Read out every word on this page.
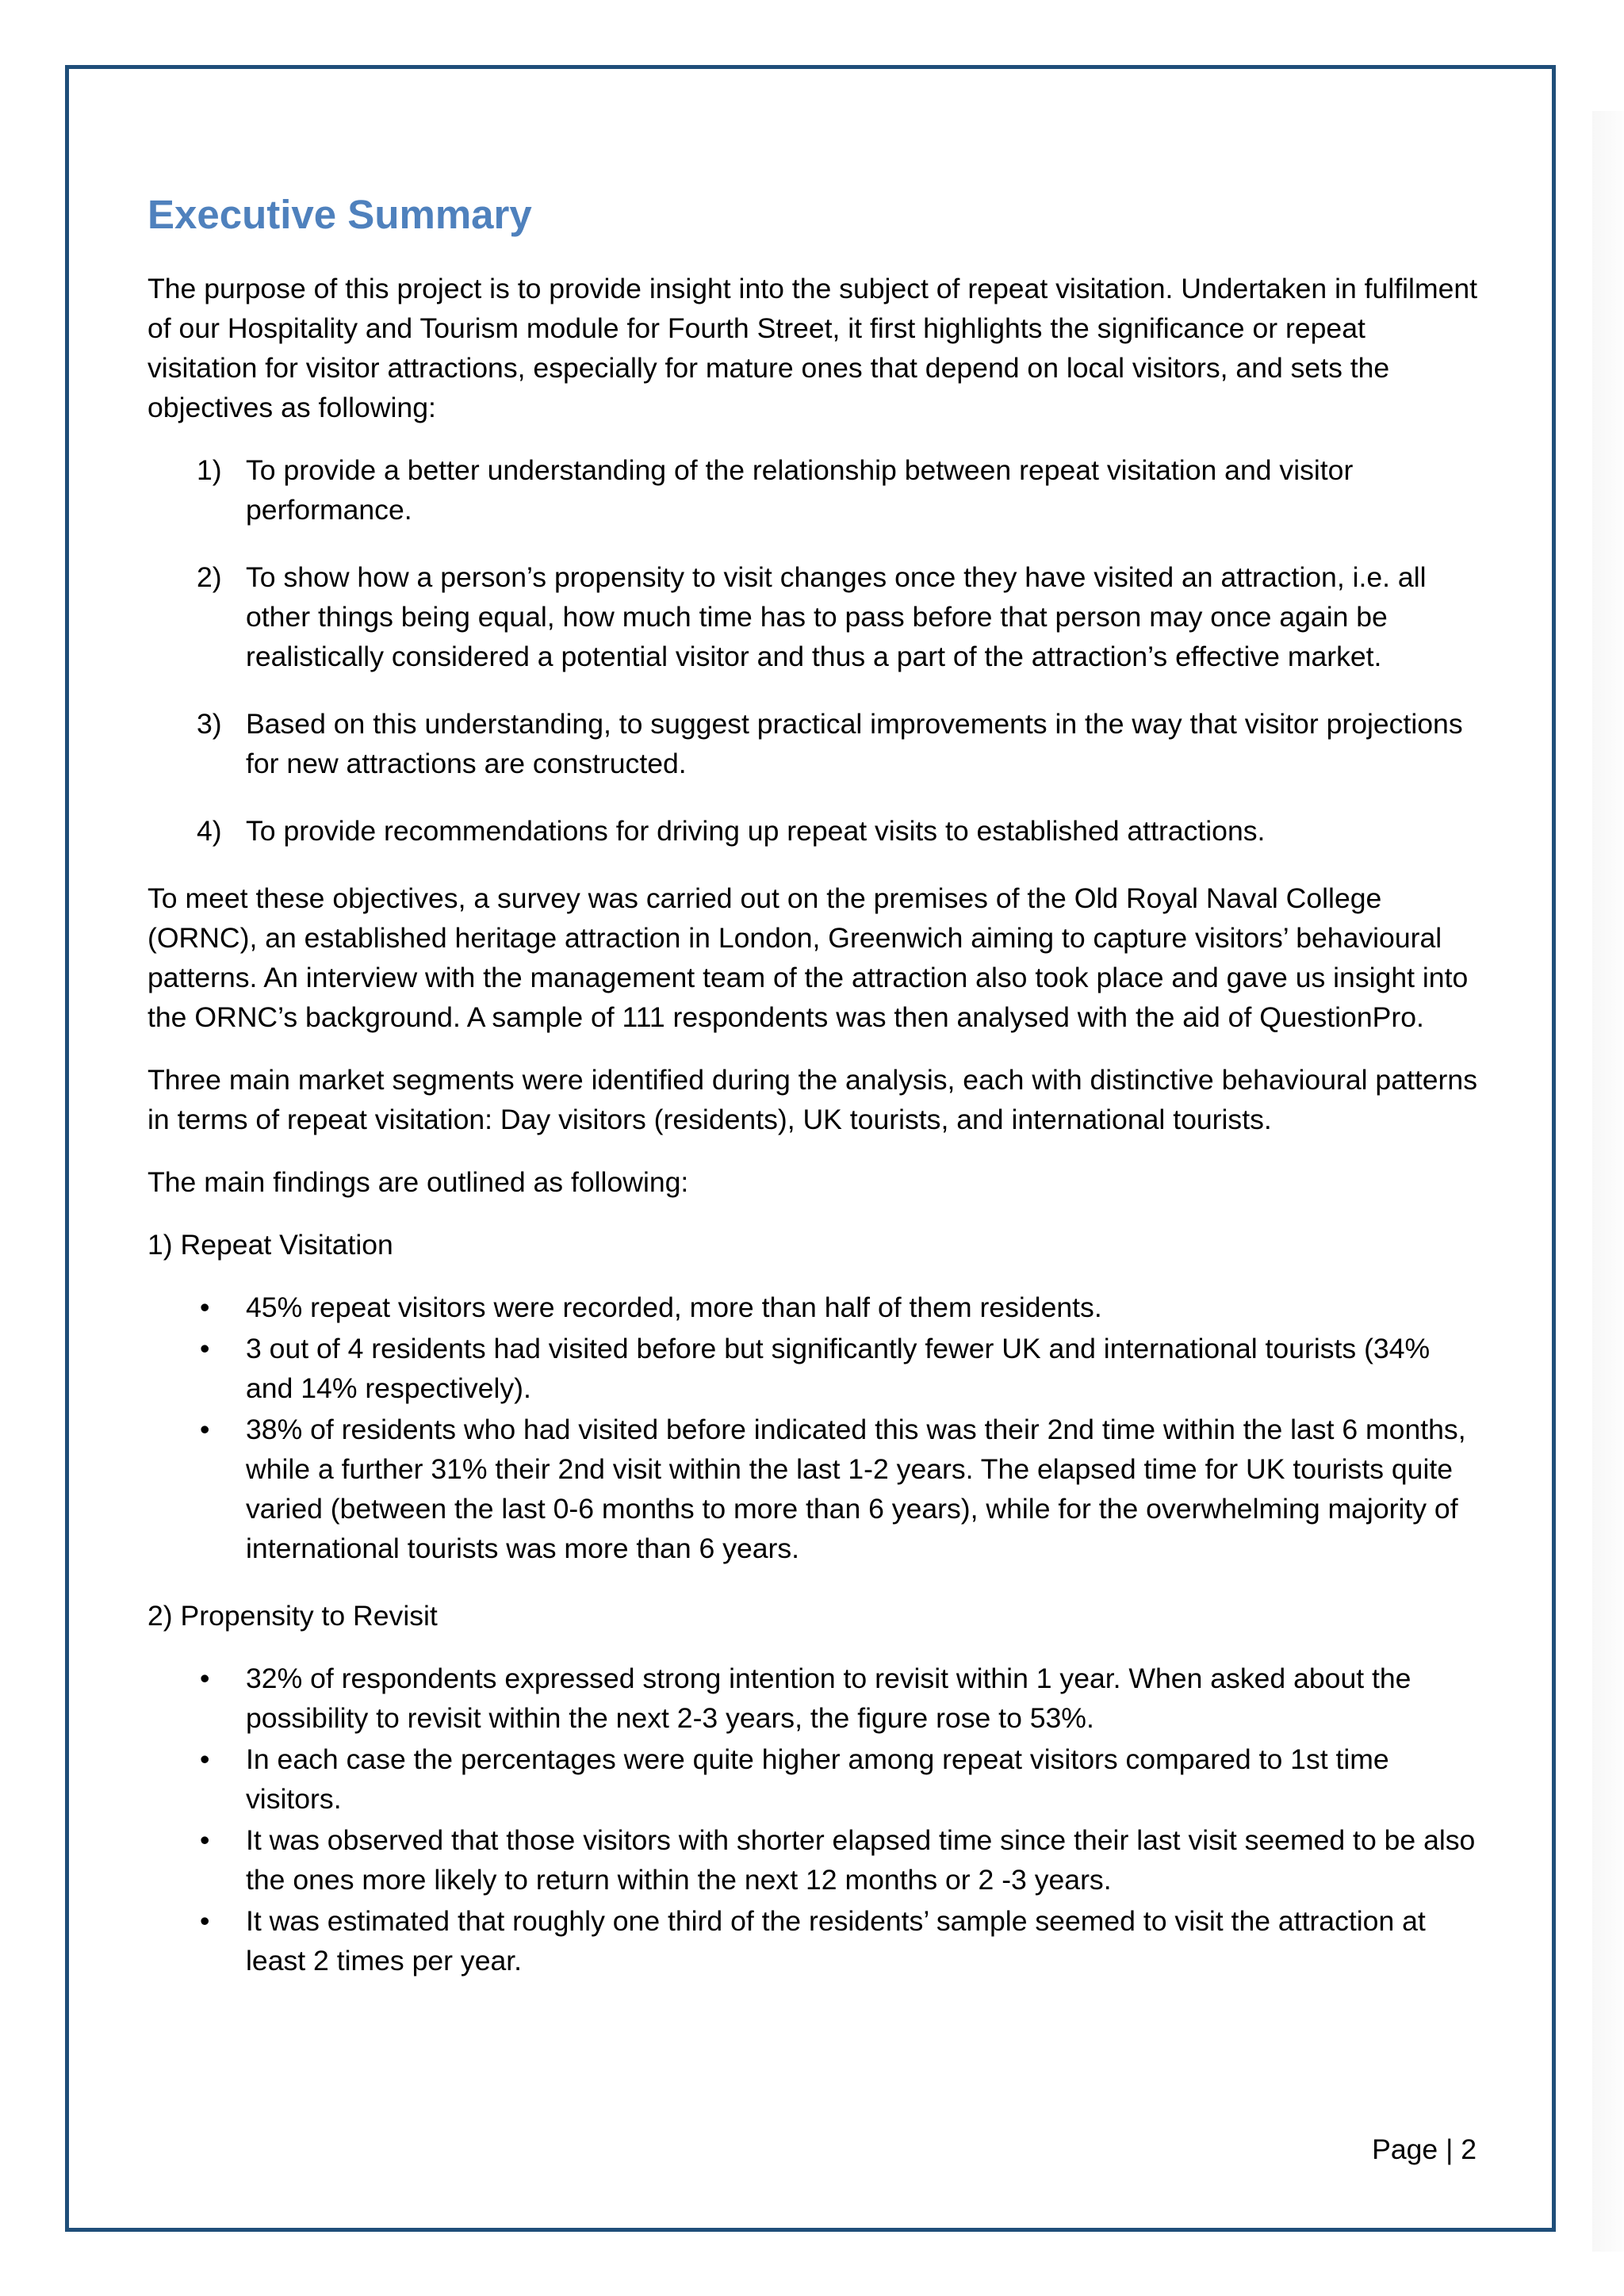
Executive Summary

The purpose of this project is to provide insight into the subject of repeat visitation. Undertaken in fulfilment of our Hospitality and Tourism module for Fourth Street, it first highlights the significance or repeat visitation for visitor attractions, especially for mature ones that depend on local visitors, and sets the objectives as following:

1) To provide a better understanding of the relationship between repeat visitation and visitor performance.
2) To show how a person’s propensity to visit changes once they have visited an attraction, i.e. all other things being equal, how much time has to pass before that person may once again be realistically considered a potential visitor and thus a part of the attraction’s effective market.
3) Based on this understanding, to suggest practical improvements in the way that visitor projections for new attractions are constructed.
4) To provide recommendations for driving up repeat visits to established attractions.

To meet these objectives, a survey was carried out on the premises of the Old Royal Naval College (ORNC), an established heritage attraction in London, Greenwich aiming to capture visitors’ behavioural patterns. An interview with the management team of the attraction also took place and gave us insight into the ORNC’s background. A sample of 111 respondents was then analysed with the aid of QuestionPro.

Three main market segments were identified during the analysis, each with distinctive behavioural patterns in terms of repeat visitation: Day visitors (residents), UK tourists, and international tourists.

The main findings are outlined as following:

1) Repeat Visitation

• 45% repeat visitors were recorded, more than half of them residents.
• 3 out of 4 residents had visited before but significantly fewer UK and international tourists (34% and 14% respectively).
• 38% of residents who had visited before indicated this was their 2nd time within the last 6 months, while a further 31% their 2nd visit within the last 1-2 years. The elapsed time for UK tourists quite varied (between the last 0-6 months to more than 6 years), while for the overwhelming majority of international tourists was more than 6 years.

2) Propensity to Revisit

• 32% of respondents expressed strong intention to revisit within 1 year. When asked about the possibility to revisit within the next 2-3 years, the figure rose to 53%.
• In each case the percentages were quite higher among repeat visitors compared to 1st time visitors.
• It was observed that those visitors with shorter elapsed time since their last visit seemed to be also the ones more likely to return within the next 12 months or 2 -3 years.
• It was estimated that roughly one third of the residents’ sample seemed to visit the attraction at least 2 times per year.
Page | 2
